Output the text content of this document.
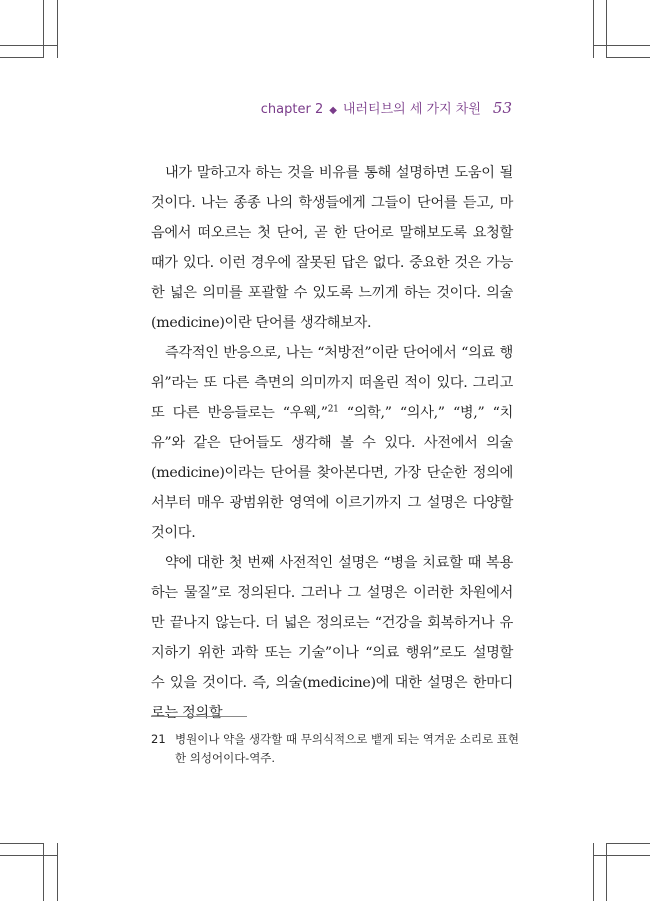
chapter 2 ◆ 내러티브의 세 가지 차원 53

내가 말하고자 하는 것을 비유를 통해 설명하면 도움이 될 것이다. 나는 종종 나의 학생들에게 그들이 단어를 듣고, 마음에서 떠오르는 첫 단어, 곧 한 단어로 말해보도록 요청할 때가 있다. 이런 경우에 잘못된 답은 없다. 중요한 것은 가능한 넓은 의미를 포괄할 수 있도록 느끼게 하는 것이다. 의술(medicine)이란 단어를 생각해보자.

즉각적인 반응으로, 나는 “처방전”이란 단어에서 “의료 행위”라는 또 다른 측면의 의미까지 떠올린 적이 있다. 그리고 또 다른 반응들로는 “우웩,”$^{21}$ “의학,” “의사,” “병,” “치유”와 같은 단어들도 생각해 볼 수 있다. 사전에서 의술(medicine)이라는 단어를 찾아본다면, 가장 단순한 정의에서부터 매우 광범위한 영역에 이르기까지 그 설명은 다양할 것이다.

약에 대한 첫 번째 사전적인 설명은 “병을 치료할 때 복용하는 물질”로 정의된다. 그러나 그 설명은 이러한 차원에서만 끝나지 않는다. 더 넓은 정의로는 “건강을 회복하거나 유지하기 위한 과학 또는 기술”이나 “의료 행위”로도 설명할 수 있을 것이다. 즉, 의술(medicine)에 대한 설명은 한마디로는 정의할

21 병원이나 약을 생각할 때 무의식적으로 뱉게 되는 역겨운 소리로 표현한 의성어이다-역주.
